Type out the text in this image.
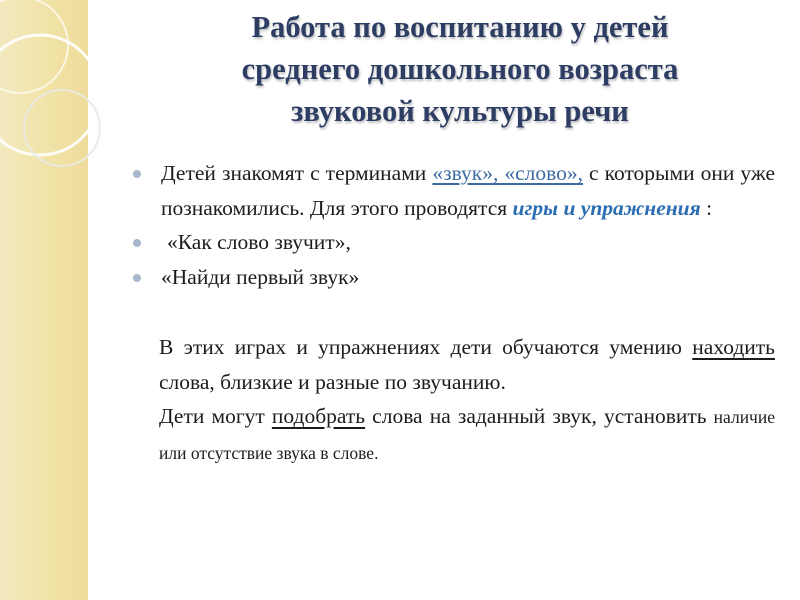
Работа по воспитанию у детей
среднего дошкольного возраста
звуковой культуры речи

Детей знакомят с терминами «звук», «слово», с которыми они уже познакомились. Для этого проводятся игры и упражнения :

«Как слово звучит»,

«Найди первый звук»

В этих играх и упражнениях дети обучаются умению находить слова, близкие и разные по звучанию.

Дети могут подобрать слова на заданный звук, установить наличие или отсутствие звука в слове.
